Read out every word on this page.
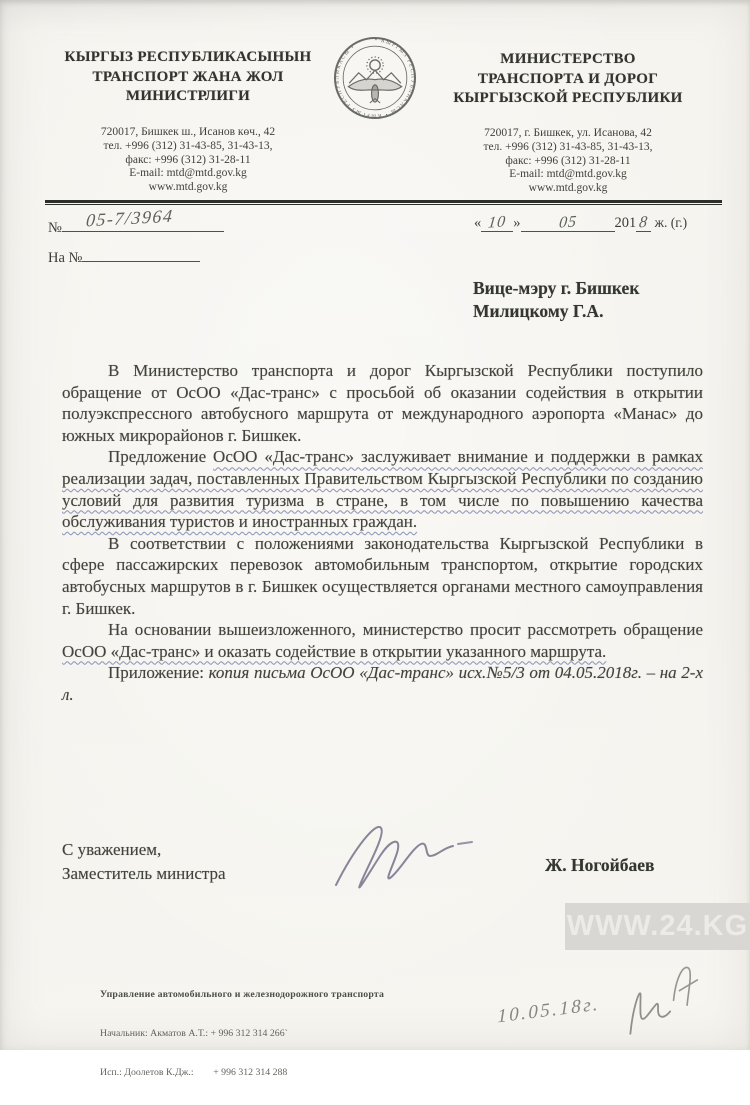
КЫРГЫЗ РЕСПУБЛИКАСЫНЫН
ТРАНСПОРТ ЖАНА ЖОЛ
МИНИСТРЛИГИ
• КЫРГЫЗ РЕСПУБЛИКАСЫ • КЫРГЫЗ РЕСПУБЛИКАСЫ •
МИНИСТЕРСТВО
ТРАНСПОРТА И ДОРОГ
КЫРГЫЗСКОЙ РЕСПУБЛИКИ
720017, Бишкек ш., Исанов көч., 42
тел. +996 (312) 31-43-85, 31-43-13,
факс: +996 (312) 31-28-11
E-mail: mtd@mtd.gov.kg
www.mtd.gov.kg
720017, г. Бишкек, ул. Исанова, 42
тел. +996 (312) 31-43-85, 31-43-13,
факс: +996 (312) 31-28-11
E-mail: mtd@mtd.gov.kg
www.mtd.gov.kg
№	05-7/3964	« 10 » 05	201 8 ж. (г.)
На №
Вице-мэру г. Бишкек
Милицкому Г.А.

В Министерство транспорта и дорог Кыргызской Республики поступило обращение от ОсОО «Дас-транс» с просьбой об оказании содействия в открытии полуэкспрессного автобусного маршрута от международного аэропорта «Манас» до южных микрорайонов г. Бишкек.

Предложение ОсОО «Дас-транс» заслуживает внимание и поддержки в рамках реализации задач, поставленных Правительством Кыргызской Республики по созданию условий для развития туризма в стране, в том числе по повышению качества обслуживания туристов и иностранных граждан.

В соответствии с положениями законодательства Кыргызской Республики в сфере пассажирских перевозок автомобильным транспортом, открытие городских автобусных маршрутов в г. Бишкек осуществляется органами местного самоуправления г. Бишкек.

На основании вышеизложенного, министерство просит рассмотреть обращение ОсОО «Дас-транс» и оказать содействие в открытии указанного маршрута.

Приложение: копия письма ОсОО «Дас-транс» исх.№5/3 от 04.05.2018г. – на 2-х л.

С уважением,
Заместитель министра	Ж. Ногойбаев
WWW.24.KG

Управление автомобильного и железнодорожного транспорта

Начальник: Акматов А.Т.: + 996 312 314 266`

Исп.: Доолетов К.Дж.:        + 996 312 314 288

10.05.18г.
